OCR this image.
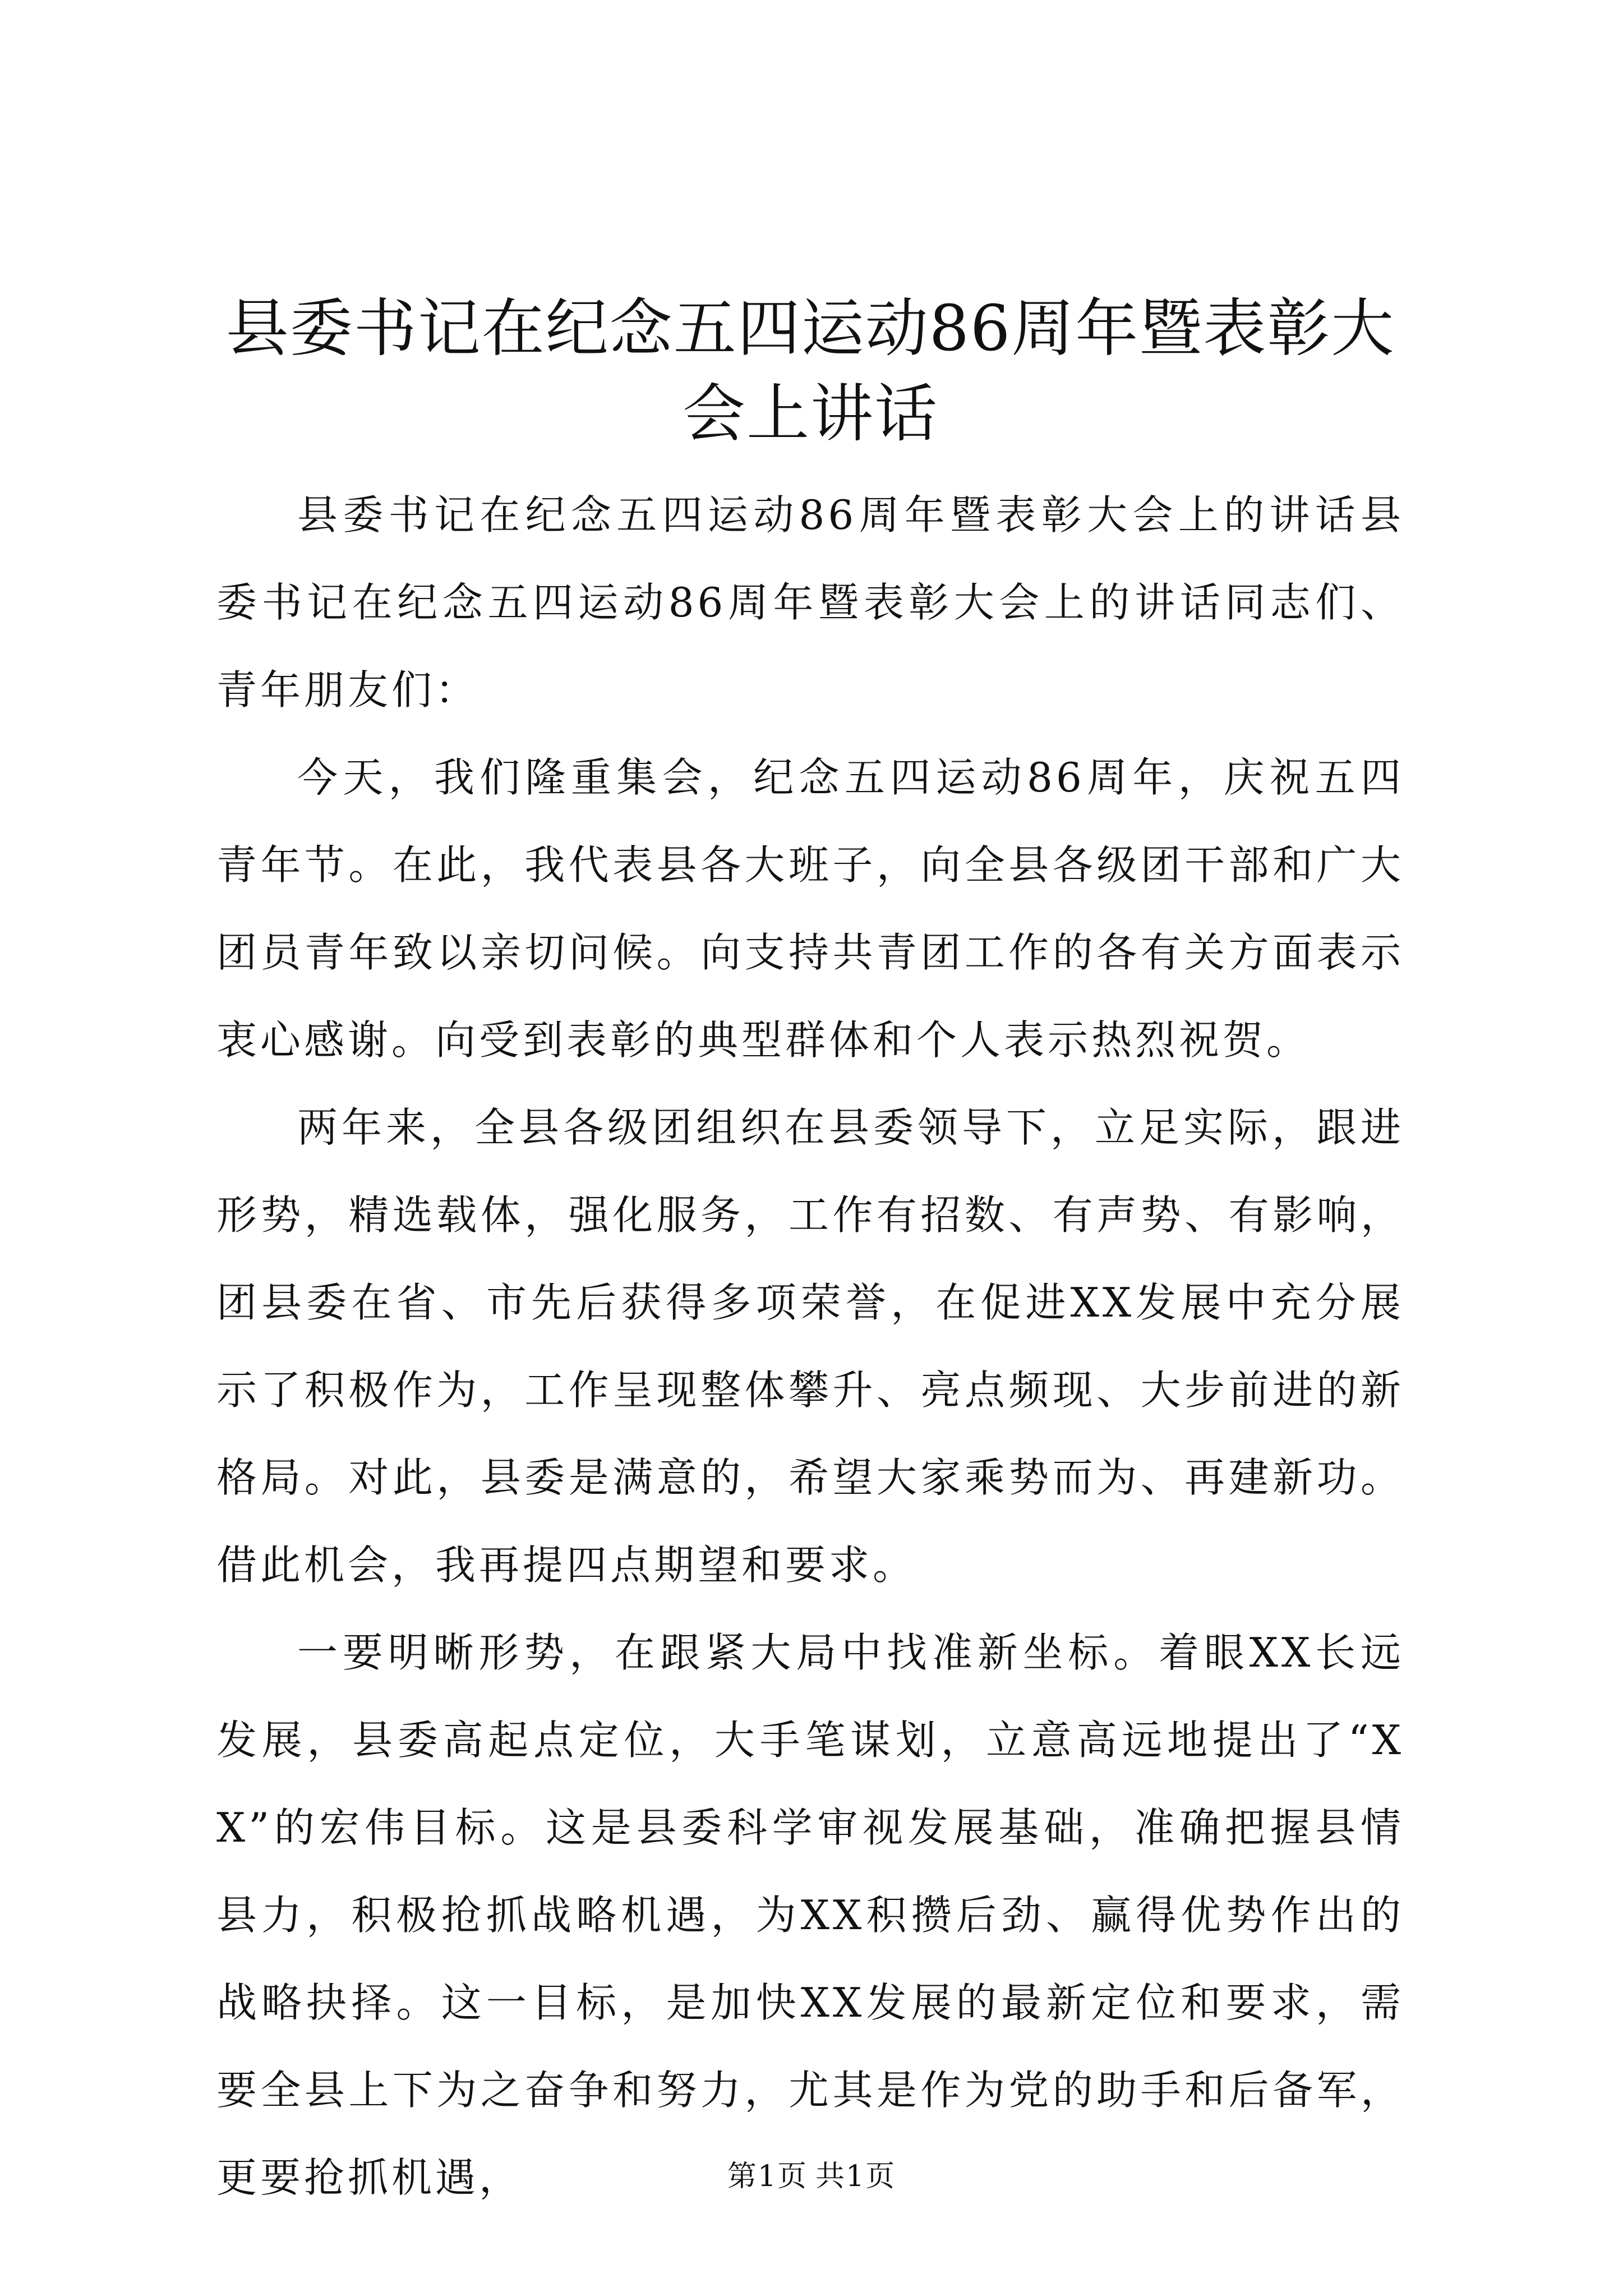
县委书记在纪念五四运动86周年暨表彰大会上讲话

县委书记在纪念五四运动86周年暨表彰大会上的讲话县委书记在纪念五四运动86周年暨表彰大会上的讲话同志们、青年朋友们：

今天，我们隆重集会，纪念五四运动86周年，庆祝五四青年节。在此，我代表县各大班子，向全县各级团干部和广大团员青年致以亲切问候。向支持共青团工作的各有关方面表示衷心感谢。向受到表彰的典型群体和个人表示热烈祝贺。

两年来，全县各级团组织在县委领导下，立足实际，跟进形势，精选载体，强化服务，工作有招数、有声势、有影响，团县委在省、市先后获得多项荣誉，在促进XX发展中充分展示了积极作为，工作呈现整体攀升、亮点频现、大步前进的新格局。对此，县委是满意的，希望大家乘势而为、再建新功。借此机会，我再提四点期望和要求。

一要明晰形势，在跟紧大局中找准新坐标。着眼XX长远发展，县委高起点定位，大手笔谋划，立意高远地提出了“XX”的宏伟目标。这是县委科学审视发展基础，准确把握县情县力，积极抢抓战略机遇，为XX积攒后劲、赢得优势作出的战略抉择。这一目标，是加快XX发展的最新定位和要求，需要全县上下为之奋争和努力，尤其是作为党的助手和后备军，更要抢抓机遇，	第1页 共1页
